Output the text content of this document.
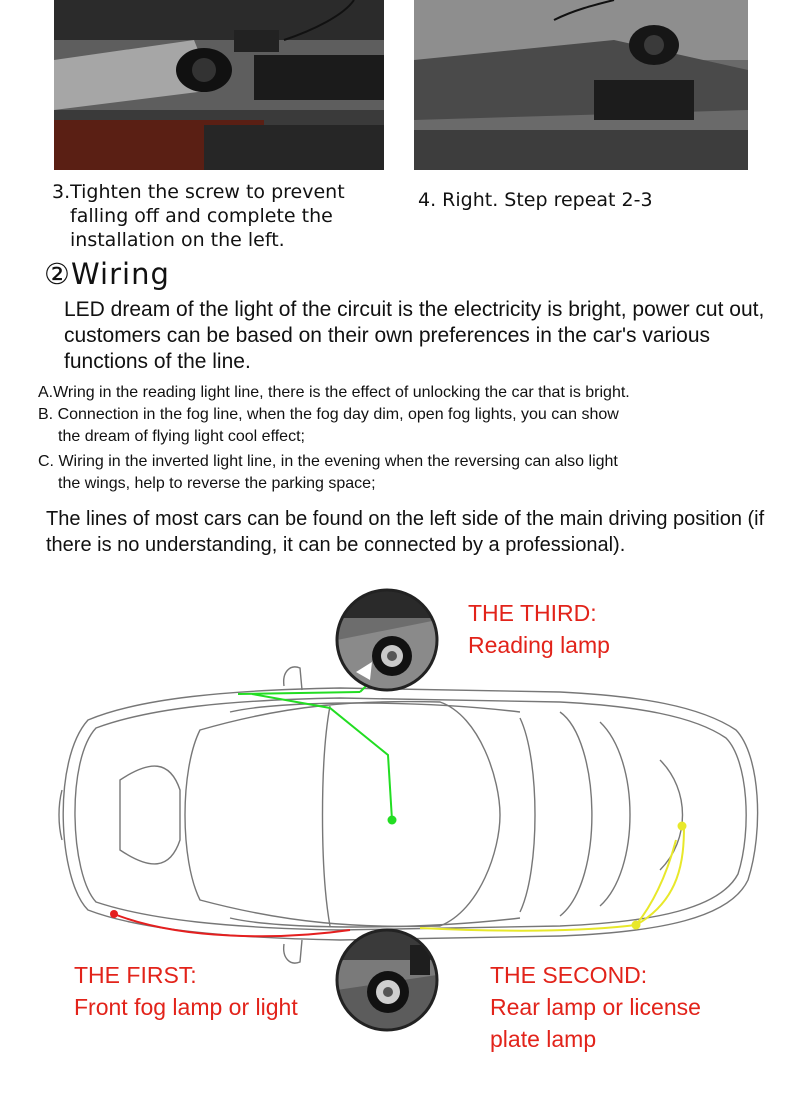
3.Tighten the screw to prevent
falling off and complete the
installation on the left.
4. Right. Step repeat 2-3
②Wiring
LED dream of the light of the circuit is the electricity is bright, power cut out, customers can be based on their own preferences in the car's various functions of the line.
A.Wring in the reading light line, there is the effect of unlocking the car that is bright.
B. Connection in the fog line, when the fog day dim, open fog lights, you can show
the dream of flying light cool effect;
C. Wiring in the inverted light line, in the evening when the reversing can also light
the wings, help to reverse the parking space;
The lines of most cars can be found on the left side of the main driving position (if there is no understanding, it can be connected by a professional).
THE THIRD:
Reading lamp
THE FIRST:
Front fog lamp or light
THE SECOND:
Rear lamp or license
plate lamp
